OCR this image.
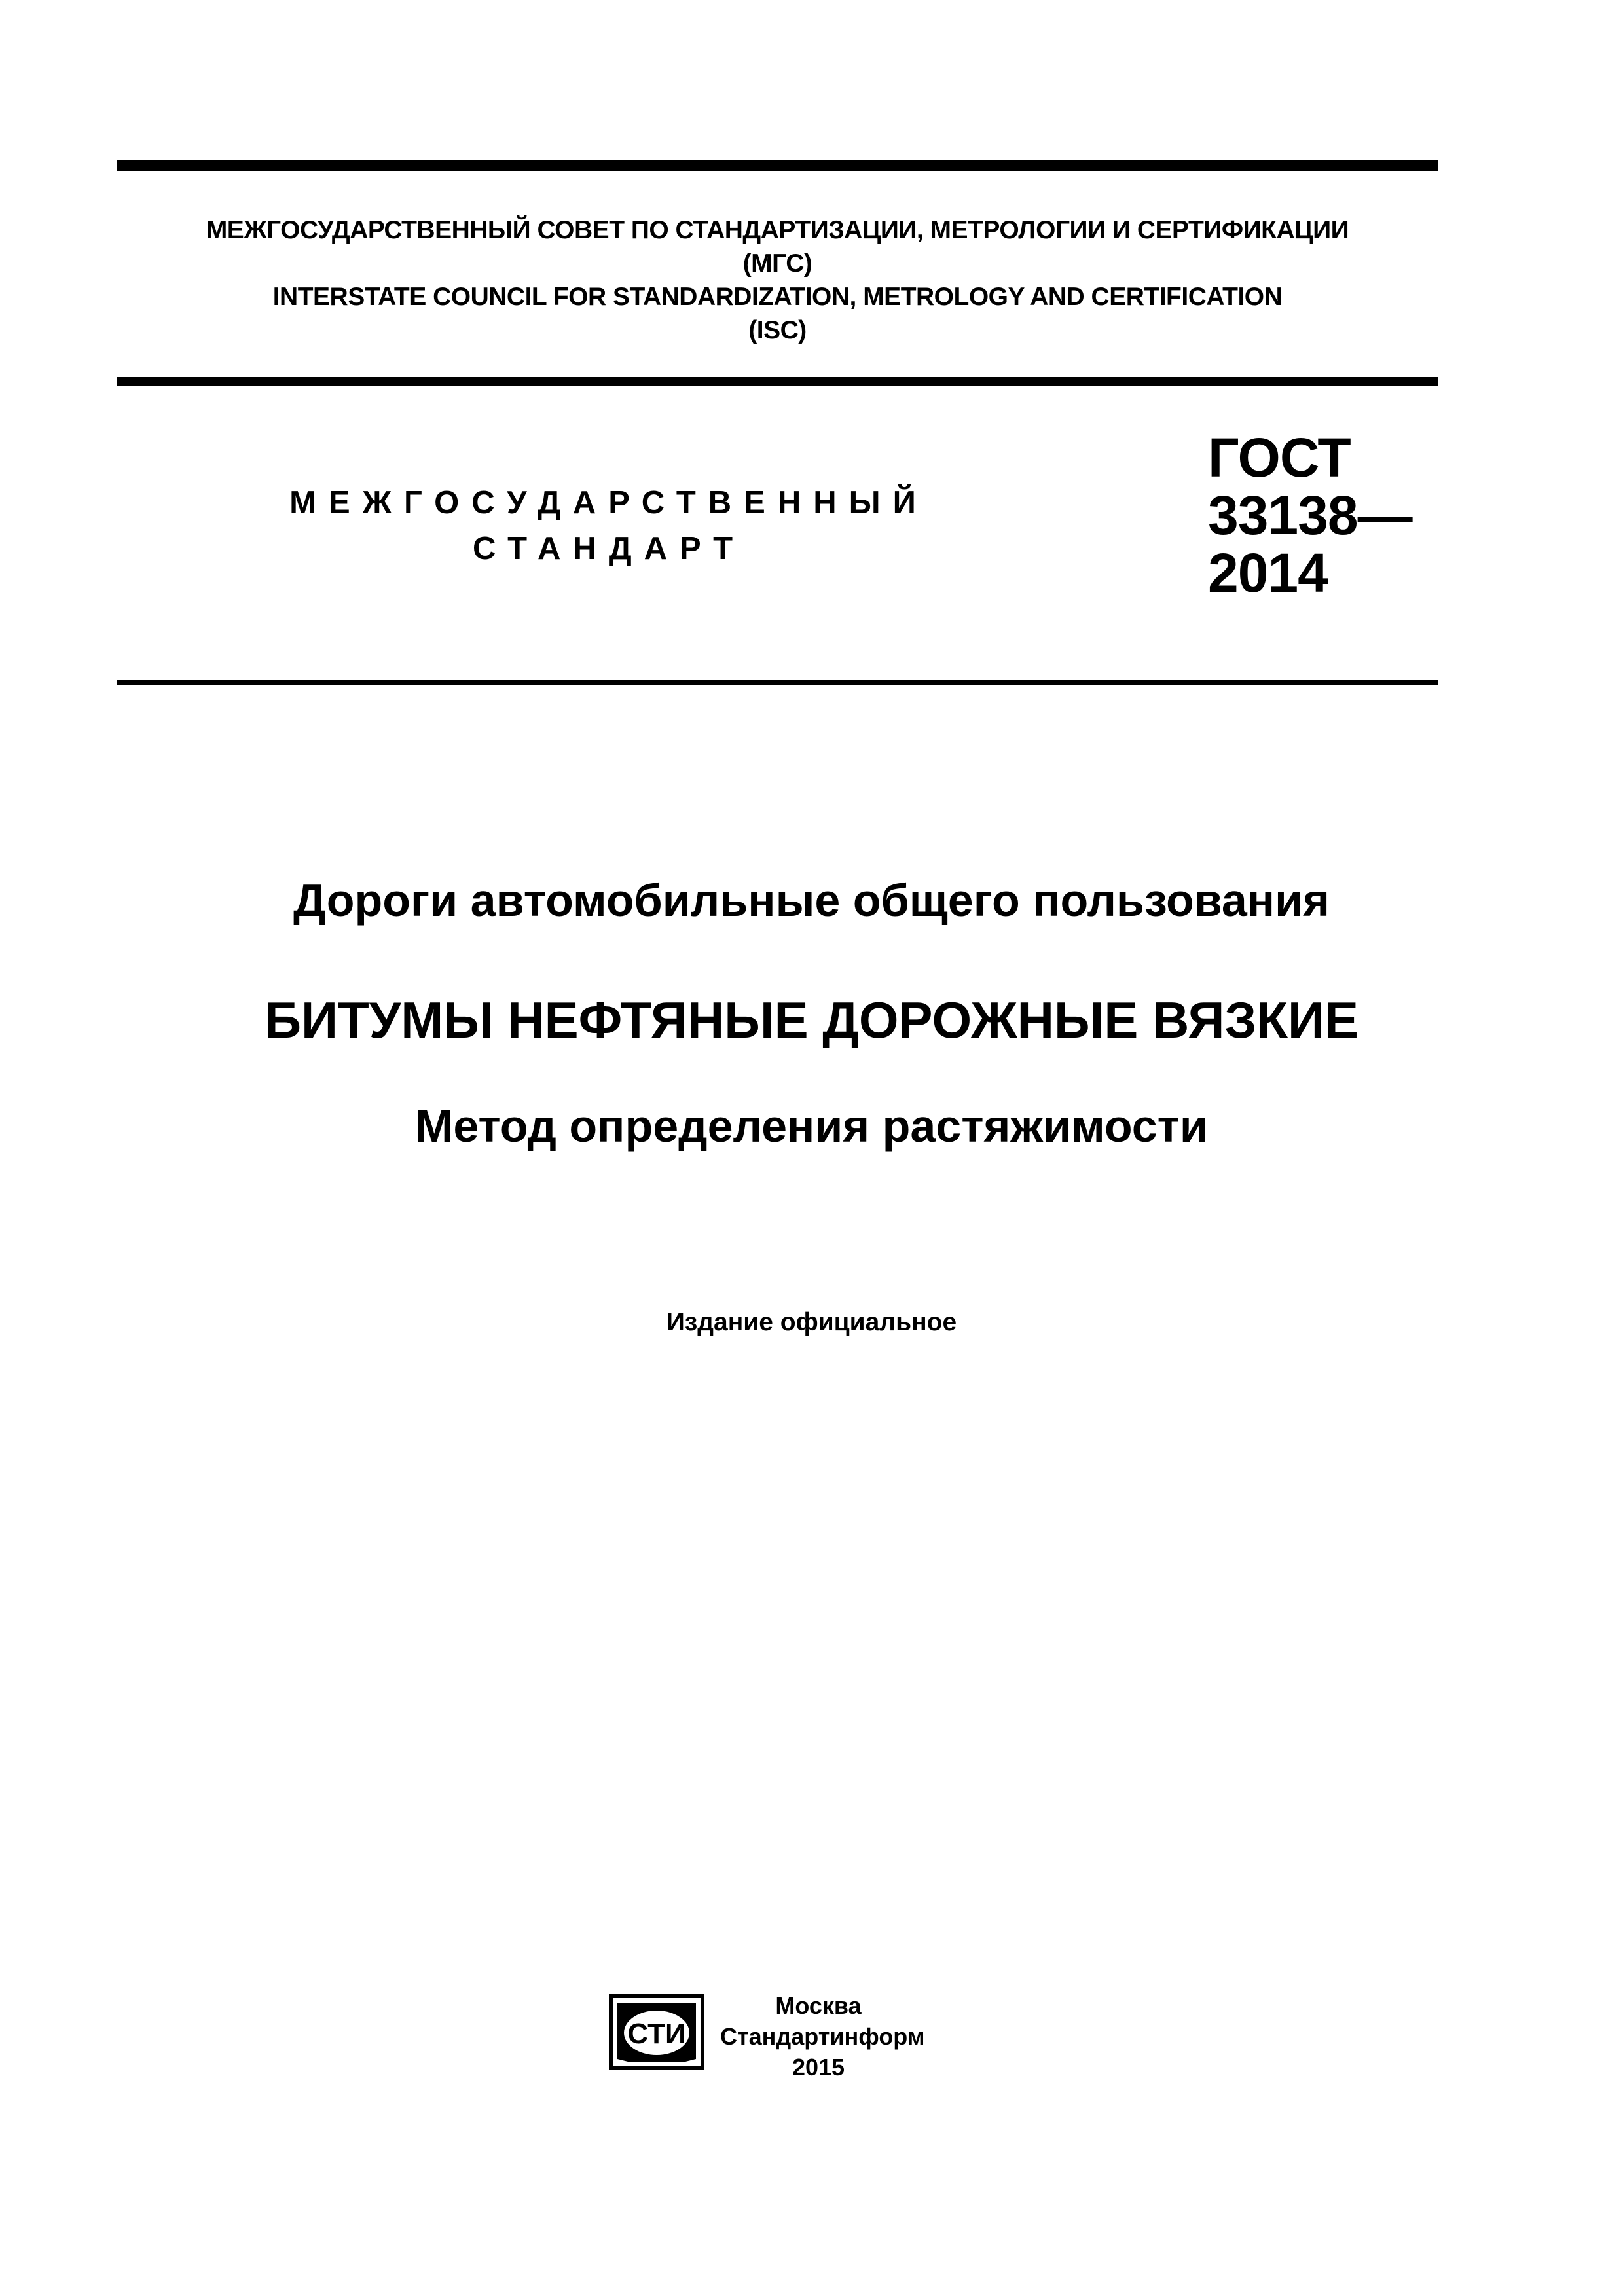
МЕЖГОСУДАРСТВЕННЫЙ СОВЕТ ПО СТАНДАРТИЗАЦИИ, МЕТРОЛОГИИ И СЕРТИФИКАЦИИ
(МГС)
INTERSTATE COUNCIL FOR STANDARDIZATION, METROLOGY AND CERTIFICATION
(ISC)
МЕЖГОСУДАРСТВЕННЫЙ
СТАНДАРТ
ГОСТ
33138—
2014
Дороги автомобильные общего пользования
БИТУМЫ НЕФТЯНЫЕ ДОРОЖНЫЕ ВЯЗКИЕ
Метод определения растяжимости
Издание официальное
СТИ
Москва
Стандартинформ
2015
